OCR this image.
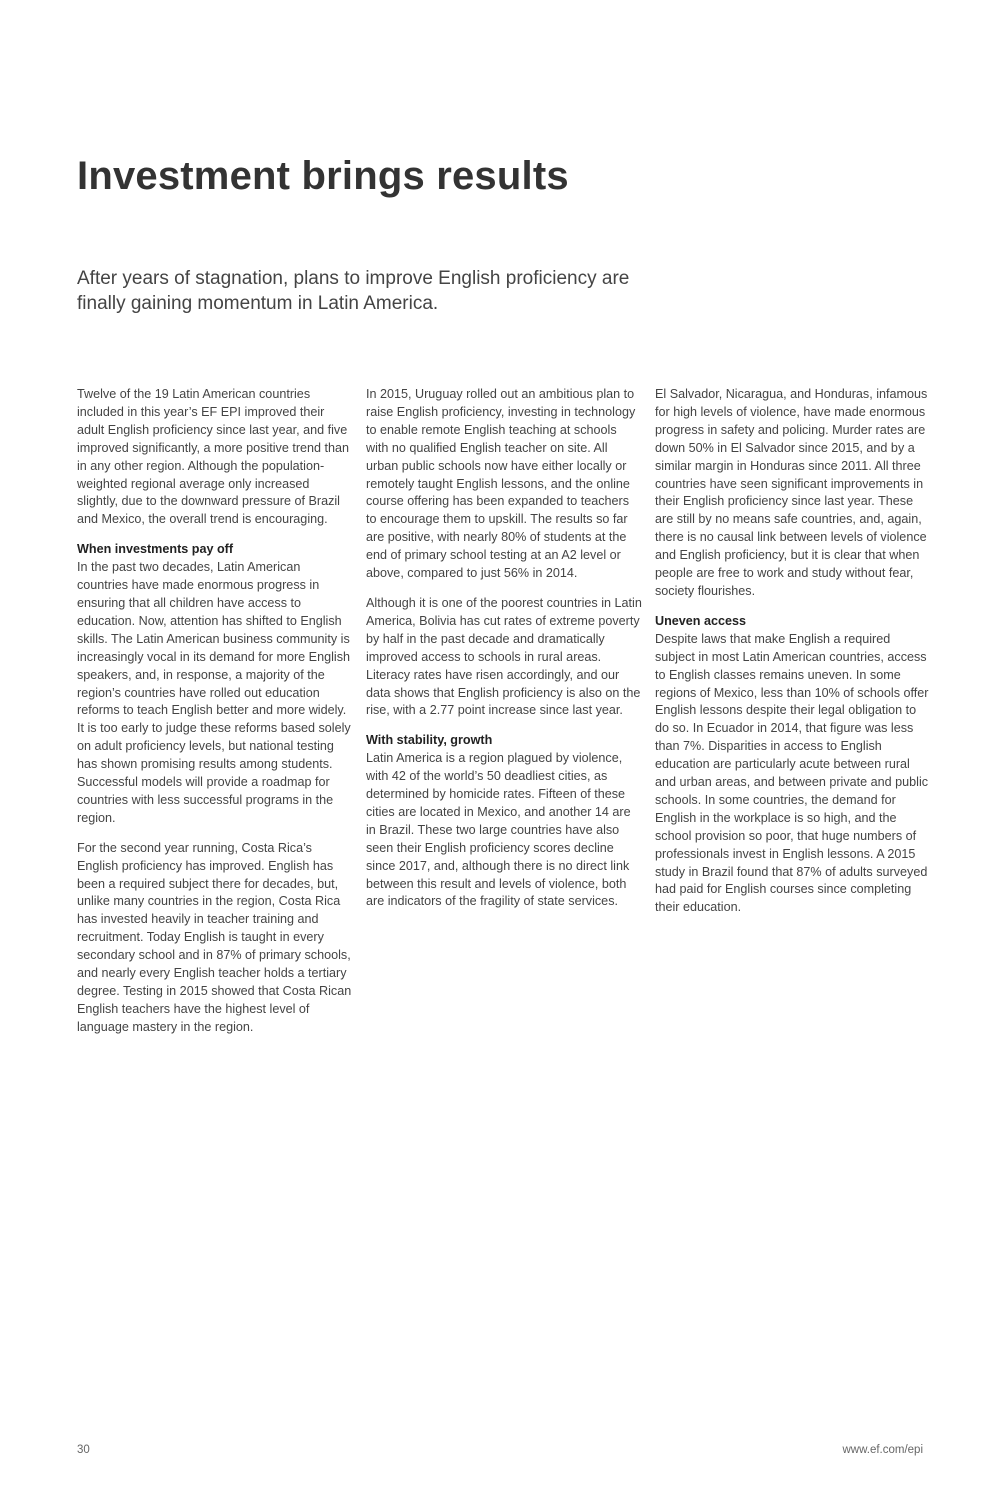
Investment brings results

After years of stagnation, plans to improve English proficiency are finally gaining momentum in Latin America.

Twelve of the 19 Latin American countries included in this year’s EF EPI improved their adult English proficiency since last year, and five improved significantly, a more positive trend than in any other region. Although the population-weighted regional average only increased slightly, due to the downward pressure of Brazil and Mexico, the overall trend is encouraging.

When investments pay off

In the past two decades, Latin American countries have made enormous progress in ensuring that all children have access to education. Now, attention has shifted to English skills. The Latin American business community is increasingly vocal in its demand for more English speakers, and, in response, a majority of the region’s countries have rolled out education reforms to teach English better and more widely. It is too early to judge these reforms based solely on adult proficiency levels, but national testing has shown promising results among students. Successful models will provide a roadmap for countries with less successful programs in the region.

For the second year running, Costa Rica’s English proficiency has improved. English has been a required subject there for decades, but, unlike many countries in the region, Costa Rica has invested heavily in teacher training and recruitment. Today English is taught in every secondary school and in 87% of primary schools, and nearly every English teacher holds a tertiary degree. Testing in 2015 showed that Costa Rican English teachers have the highest level of language mastery in the region.

In 2015, Uruguay rolled out an ambitious plan to raise English proficiency, investing in technology to enable remote English teaching at schools with no qualified English teacher on site. All urban public schools now have either locally or remotely taught English lessons, and the online course offering has been expanded to teachers to encourage them to upskill. The results so far are positive, with nearly 80% of students at the end of primary school testing at an A2 level or above, compared to just 56% in 2014.

Although it is one of the poorest countries in Latin America, Bolivia has cut rates of extreme poverty by half in the past decade and dramatically improved access to schools in rural areas. Literacy rates have risen accordingly, and our data shows that English proficiency is also on the rise, with a 2.77 point increase since last year.

With stability, growth

Latin America is a region plagued by violence, with 42 of the world’s 50 deadliest cities, as determined by homicide rates. Fifteen of these cities are located in Mexico, and another 14 are in Brazil. These two large countries have also seen their English proficiency scores decline since 2017, and, although there is no direct link between this result and levels of violence, both are indicators of the fragility of state services.

El Salvador, Nicaragua, and Honduras, infamous for high levels of violence, have made enormous progress in safety and policing. Murder rates are down 50% in El Salvador since 2015, and by a similar margin in Honduras since 2011. All three countries have seen significant improvements in their English proficiency since last year. These are still by no means safe countries, and, again, there is no causal link between levels of violence and English proficiency, but it is clear that when people are free to work and study without fear, society flourishes.

Uneven access

Despite laws that make English a required subject in most Latin American countries, access to English classes remains uneven. In some regions of Mexico, less than 10% of schools offer English lessons despite their legal obligation to do so. In Ecuador in 2014, that figure was less than 7%. Disparities in access to English education are particularly acute between rural and urban areas, and between private and public schools. In some countries, the demand for English in the workplace is so high, and the school provision so poor, that huge numbers of professionals invest in English lessons. A 2015 study in Brazil found that 87% of adults surveyed had paid for English courses since completing their education.

30	www.ef.com/epi
